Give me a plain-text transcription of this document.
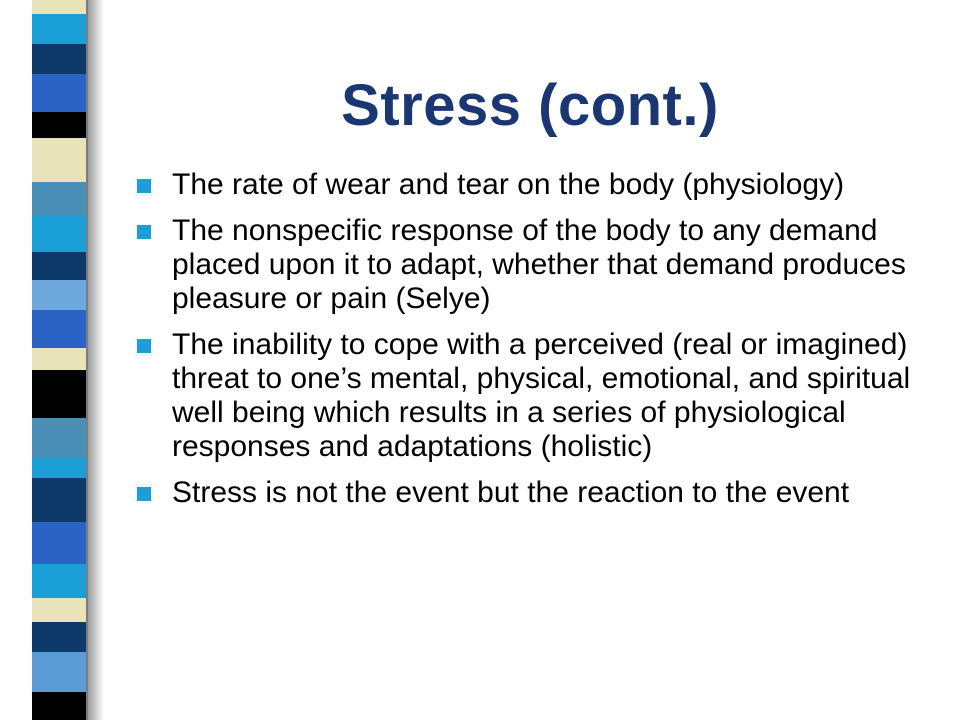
Stress (cont.)
The rate of wear and tear on the body (physiology)
The nonspecific response of the body to any demand placed upon it to adapt, whether that demand produces pleasure or pain (Selye)
The inability to cope with a perceived (real or imagined) threat to one’s mental, physical, emotional, and spiritual well being which results in a series of physiological responses and adaptations (holistic)
Stress is not the event but the reaction to the event
